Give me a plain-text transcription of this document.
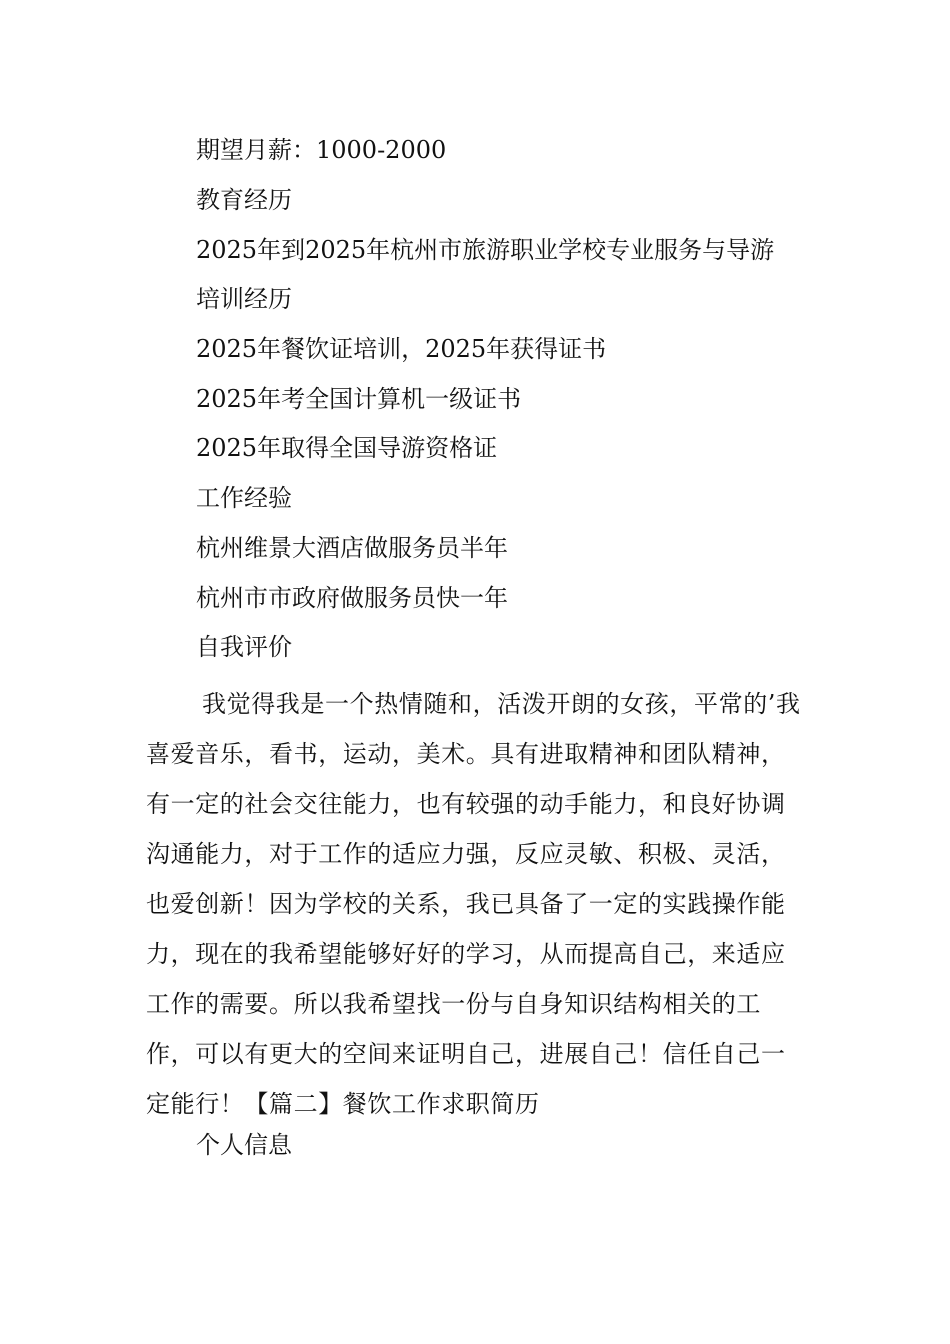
期望月薪：1000-2000
教育经历
2025年到2025年杭州市旅游职业学校专业服务与导游
培训经历
2025年餐饮证培训，2025年获得证书
2025年考全国计算机一级证书
2025年取得全国导游资格证
工作经验
杭州维景大酒店做服务员半年
杭州市市政府做服务员快一年
自我评价
我觉得我是一个热情随和，活泼开朗的女孩，平常的’我喜爱音乐，看书，运动，美术。具有进取精神和团队精神，有一定的社会交往能力，也有较强的动手能力，和良好协调沟通能力，对于工作的适应力强，反应灵敏、积极、灵活，也爱创新！因为学校的关系，我已具备了一定的实践操作能力，现在的我希望能够好好的学习，从而提高自己，来适应工作的需要。所以我希望找一份与自身知识结构相关的工作，可以有更大的空间来证明自己，进展自己！信任自己一定能行！【篇二】餐饮工作求职简历
个人信息
